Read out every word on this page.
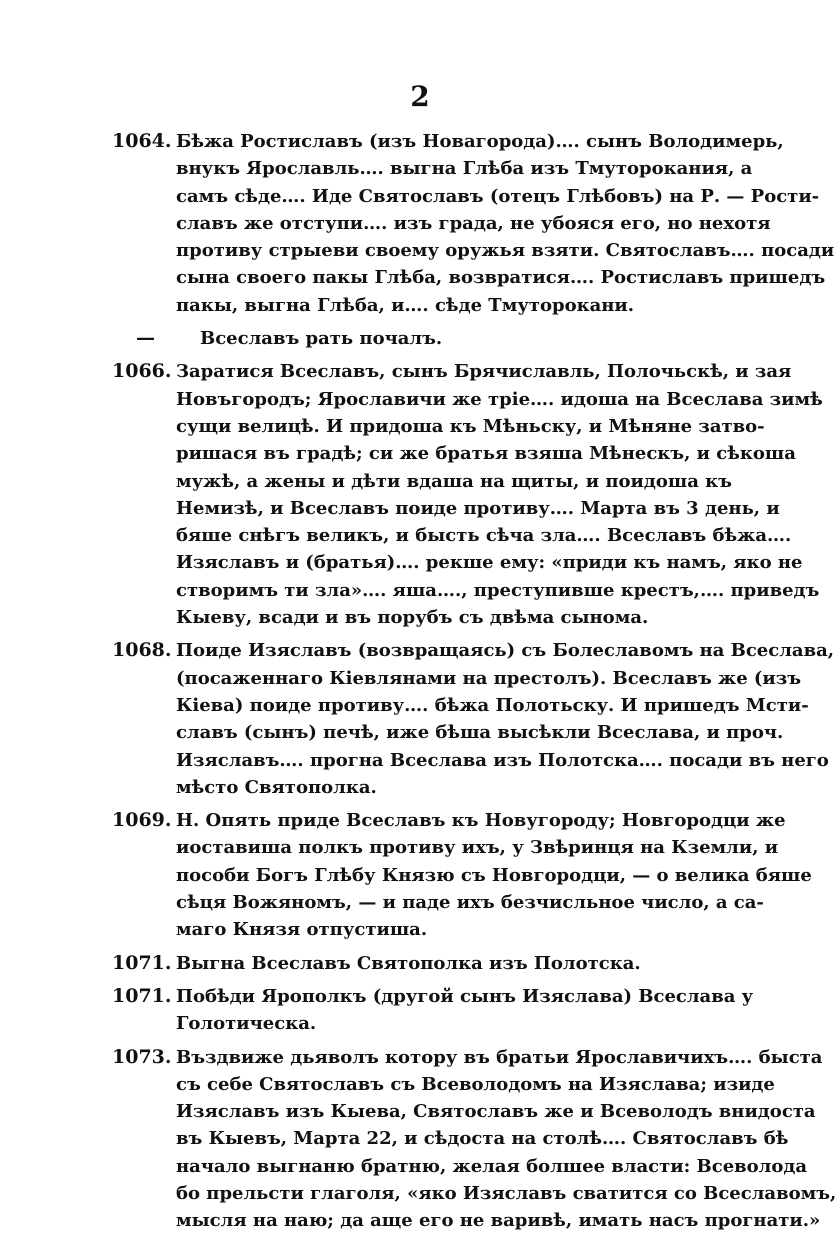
2
1064. Бѣжа Ростиславъ (изъ Новагорода)…. сынъ Володимерь,
внукъ Ярославль…. выгна Глѣба изъ Тмуторокания, а
самъ сѣде…. Иде Святославъ (отецъ Глѣбовъ) на Р. — Рости-
славъ же отступи…. изъ града, не убояся его, но нехотя
противу стрыеви своему оружья взяти. Святославъ…. посади
сына своего пакы Глѣба, возвратися…. Ростиславъ пришедъ
пакы, выгна Глѣба, и…. сѣде Тмуторокани.
—	Всеславъ рать почалъ.
1066. Заратися Всеславъ, сынъ Брячиславль, Полочьскѣ, и зая
Новъгородъ; Ярославичи же тріе…. идоша на Всеслава зимѣ
сущи велицѣ. И придоша къ Мѣньску, и Мѣняне затво-
ришася въ градѣ; си же братья взяша Мѣнескъ, и сѣкоша
мужѣ, а жены и дѣти вдаша на щиты, и поидоша къ
Немизѣ, и Всеславъ поиде противу…. Марта въ 3 день, и
бяше снѣгъ великъ, и бысть сѣча зла…. Всеславъ бѣжа….
Изяславъ и (братья)…. рекше ему: «приди къ намъ, яко не
створимъ ти зла»…. яша…., преступивше крестъ,…. приведъ
Кыеву, всади и въ порубъ съ двѣма сынома.
1068. Поиде Изяславъ (возвращаясь) съ Болеславомъ на Всеслава,
(посаженнаго Кіевлянами на престолъ). Всеславъ же (изъ
Кіева) поиде противу…. бѣжа Полотьску. И пришедъ Мсти-
славъ (сынъ) печѣ, иже бѣша высѣкли Всеслава, и проч.
Изяславъ…. прогна Всеслава изъ Полотска…. посади въ него
мѣсто Святополка.
1069. Н. Опять приде Всеславъ къ Новугороду; Новгородци же
иоставиша полкъ противу ихъ, у Звѣринця на Кземли, и
пособи Богъ Глѣбу Князю съ Новгородци, — о велика бяше
сѣця Вожяномъ, — и паде ихъ безчисльное число, а са-
маго Князя отпустиша.
1071. Выгна Всеславъ Святополка изъ Полотска.
1071. Побѣди Ярополкъ (другой сынъ Изяслава) Всеслава у
Голотическа.
1073. Въздвиже дьяволъ котору въ братьи Ярославичихъ…. быста
съ себе Святославъ съ Всеволодомъ на Изяслава; изиде
Изяславъ изъ Кыева, Святославъ же и Всеволодъ внидоста
въ Кыевъ, Марта 22, и сѣдоста на столѣ…. Святославъ бѣ
начало выгнаню братню, желая болшее власти: Всеволода
бо прельсти глаголя, «яко Изяславъ сватится со Всеславомъ,
мысля на наю; да аще его не варивѣ, имать насъ прогнати.»
